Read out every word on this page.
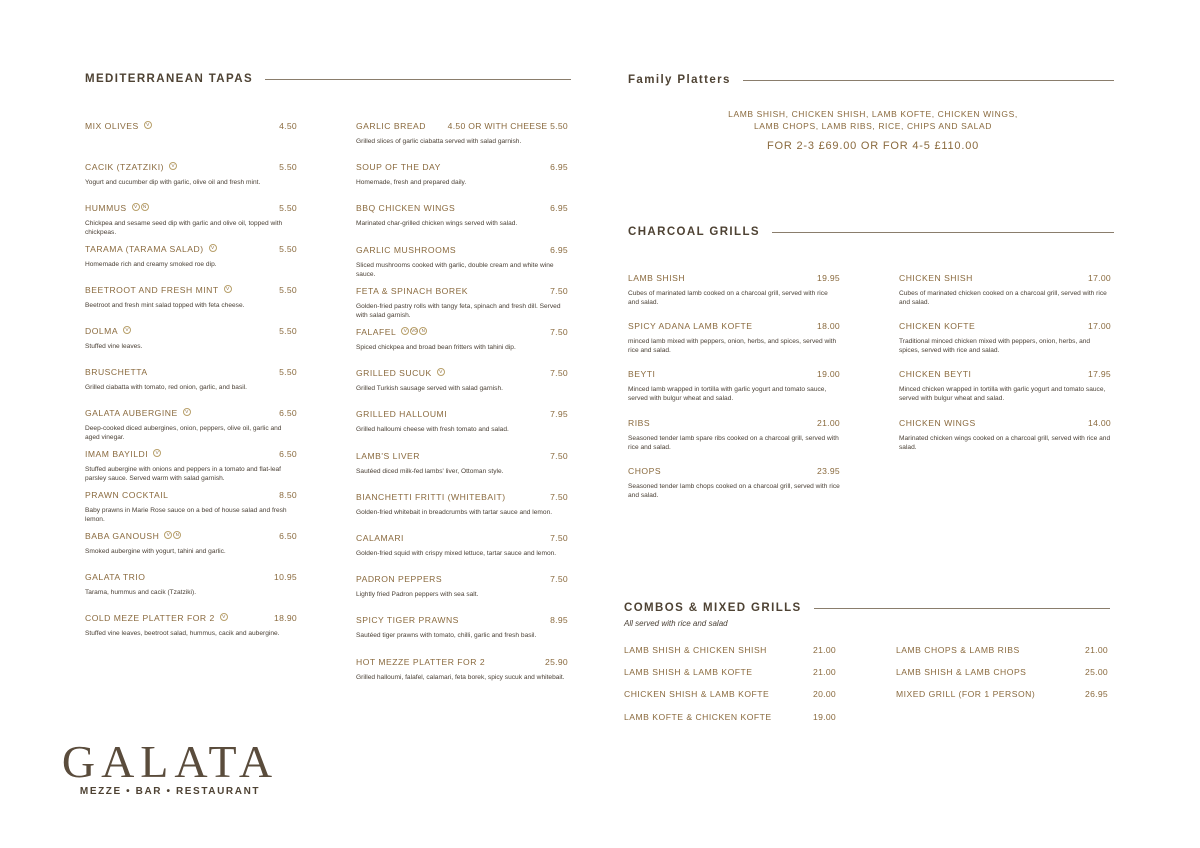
MEDITERRANEAN TAPAS	Family Platters
CHARCOAL GRILLS
COMBOS & MIXED GRILLS
All served with rice and salad
MIX OLIVES	V	4.50
CACIK (TZATZIKI)	V	5.50
Yogurt and cucumber dip with garlic, olive oil and fresh mint.
HUMMUS	V	N	5.50
Chickpea and sesame seed dip with garlic and olive oil, topped with chickpeas.
TARAMA (TARAMA SALAD)	V	5.50
Homemade rich and creamy smoked roe dip.
BEETROOT AND FRESH MINT	V	5.50
Beetroot and fresh mint salad topped with feta cheese.
DOLMA	V	5.50
Stuffed vine leaves.
BRUSCHETTA	5.50
Grilled ciabatta with tomato, red onion, garlic, and basil.
GALATA AUBERGINE	V	6.50
Deep-cooked diced aubergines, onion, peppers, olive oil, garlic and aged vinegar.
IMAM BAYILDI	V	6.50
Stuffed aubergine with onions and peppers in a tomato and flat-leaf parsley sauce. Served warm with salad garnish.
PRAWN COCKTAIL	8.50
Baby prawns in Marie Rose sauce on a bed of house salad and fresh lemon.
BABA GANOUSH	V	N	6.50
Smoked aubergine with yogurt, tahini and garlic.
GALATA TRIO	10.95
Tarama, hummus and cacik (Tzatziki).
COLD MEZE PLATTER FOR 2	V	18.90
Stuffed vine leaves, beetroot salad, hummus, cacik and aubergine.
GARLIC BREAD	4.50 OR WITH CHEESE 5.50
Grilled slices of garlic ciabatta served with salad garnish.
SOUP OF THE DAY	6.95
Homemade, fresh and prepared daily.
BBQ CHICKEN WINGS	6.95
Marinated char-grilled chicken wings served with salad.
GARLIC MUSHROOMS	6.95
Sliced mushrooms cooked with garlic, double cream and white wine sauce.
FETA & SPINACH BOREK	7.50
Golden-fried pastry rolls with tangy feta, spinach and fresh dill. Served with salad garnish.
FALAFEL	V	VG N	7.50
Spiced chickpea and broad bean fritters with tahini dip.
GRILLED SUCUK	V	7.50
Grilled Turkish sausage served with salad garnish.
GRILLED HALLOUMI	7.95
Grilled halloumi cheese with fresh tomato and salad.
LAMB'S LIVER	7.50
Sautéed diced milk-fed lambs' liver, Ottoman style.
BIANCHETTI FRITTI (WHITEBAIT)	7.50
Golden-fried whitebait in breadcrumbs with tartar sauce and lemon.
CALAMARI	7.50
Golden-fried squid with crispy mixed lettuce, tartar sauce and lemon.
PADRON PEPPERS	7.50
Lightly fried Padron peppers with sea salt.
SPICY TIGER PRAWNS	8.95
Sautéed tiger prawns with tomato, chilli, garlic and fresh basil.
HOT MEZZE PLATTER FOR 2	25.90
Grilled halloumi, falafel, calamari, feta borek, spicy sucuk and whitebait.
LAMB SHISH, CHICKEN SHISH, LAMB KOFTE, CHICKEN WINGS,
LAMB CHOPS, LAMB RIBS, RICE, CHIPS AND SALAD
FOR 2-3 £69.00 OR FOR 4-5 £110.00
LAMB SHISH	19.95
Cubes of marinated lamb cooked on a charcoal grill, served with rice and salad.
SPICY ADANA LAMB KOFTE	18.00
minced lamb mixed with peppers, onion, herbs, and spices, served with rice and salad.
BEYTI	19.00
Minced lamb wrapped in tortilla with garlic yogurt and tomato sauce, served with bulgur wheat and salad.
RIBS	21.00
Seasoned tender lamb spare ribs cooked on a charcoal grill, served with rice and salad.
CHOPS	23.95
Seasoned tender lamb chops cooked on a charcoal grill, served with rice and salad.
CHICKEN SHISH	17.00
Cubes of marinated chicken cooked on a charcoal grill, served with rice and salad.
CHICKEN KOFTE	17.00
Traditional minced chicken mixed with peppers, onion, herbs, and spices, served with rice and salad.
CHICKEN BEYTI	17.95
Minced chicken wrapped in tortilla with garlic yogurt and tomato sauce, served with bulgur wheat and salad.
CHICKEN WINGS	14.00
Marinated chicken wings cooked on a charcoal grill, served with rice and salad.
LAMB SHISH & CHICKEN SHISH	21.00
LAMB SHISH & LAMB KOFTE	21.00
CHICKEN SHISH & LAMB KOFTE	20.00
LAMB KOFTE & CHICKEN KOFTE	19.00
LAMB CHOPS & LAMB RIBS	21.00
LAMB SHISH & LAMB CHOPS	25.00
MIXED GRILL (FOR 1 PERSON)	26.95
GALATA
MEZZE • BAR • RESTAURANT
